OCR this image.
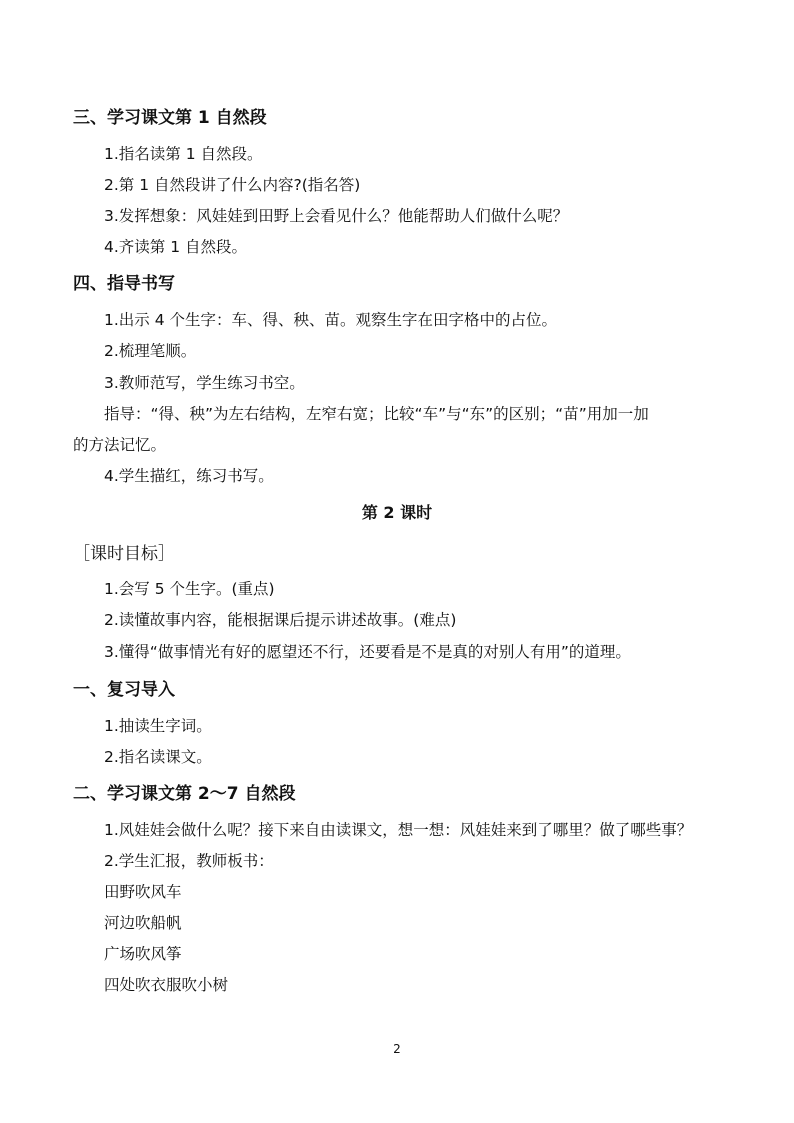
三、学习课文第 1 自然段
1.指名读第 1 自然段。
2.第 1 自然段讲了什么内容?(指名答)
3.发挥想象：风娃娃到田野上会看见什么？他能帮助人们做什么呢？
4.齐读第 1 自然段。
四、指导书写
1.出示 4 个生字：车、得、秧、苗。观察生字在田字格中的占位。
2.梳理笔顺。
3.教师范写，学生练习书空。
指导：“得、秧”为左右结构，左窄右宽；比较“车”与“东”的区别；“苗”用加一加
的方法记忆。
4.学生描红，练习书写。
第 2 课时
［课时目标］
1.会写 5 个生字。(重点)
2.读懂故事内容，能根据课后提示讲述故事。(难点)
3.懂得“做事情光有好的愿望还不行，还要看是不是真的对别人有用”的道理。
一、复习导入
1.抽读生字词。
2.指名读课文。
二、学习课文第 2～7 自然段
1.风娃娃会做什么呢？接下来自由读课文，想一想：风娃娃来到了哪里？做了哪些事？
2.学生汇报，教师板书：
田野吹风车
河边吹船帆
广场吹风筝
四处吹衣服吹小树
2
